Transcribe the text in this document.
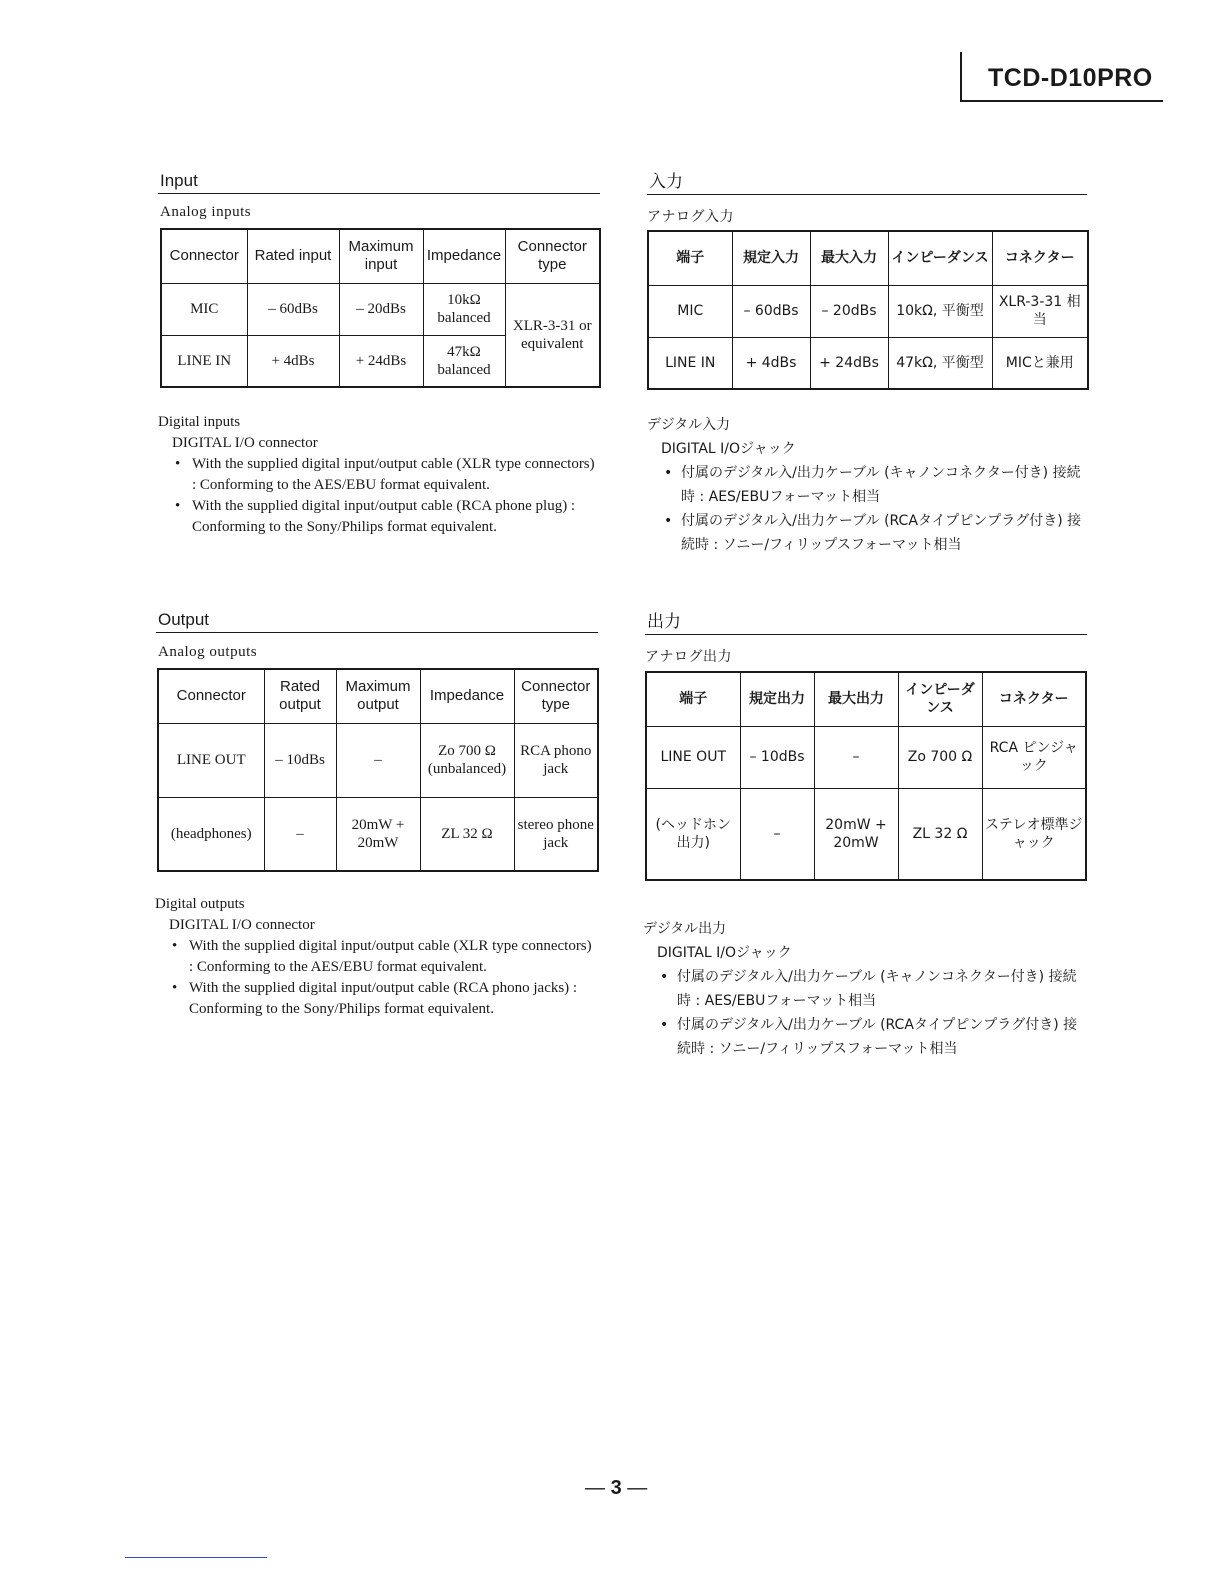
TCD-D10PRO
Input
Analog inputs
Connector	Rated input	Maximum input	Impedance	Connector type
MIC	– 60dBs	– 20dBs	10kΩ balanced	XLR-3-31 or equivalent
LINE IN	+ 4dBs	+ 24dBs	47kΩ balanced	
Digital inputs
DIGITAL I/O connector
• With the supplied digital input/output cable (XLR type connectors) : Conforming to the AES/EBU format equivalent.
• With the supplied digital input/output cable (RCA phone plug) : Conforming to the Sony/Philips format equivalent.
Output
Analog outputs
Connector	Rated output	Maximum output	Impedance	Connector type
LINE OUT	– 10dBs	–	Zo 700 Ω (unbalanced)	RCA phono jack
(headphones)	–	20mW + 20mW	ZL 32 Ω	stereo phone jack
Digital outputs
DIGITAL I/O connector
• With the supplied digital input/output cable (XLR type connectors) : Conforming to the AES/EBU format equivalent.
• With the supplied digital input/output cable (RCA phono jacks) : Conforming to the Sony/Philips format equivalent.
入力
アナログ入力
端子	規定入力	最大入力	インピーダンス	コネクター
MIC	– 60dBs	– 20dBs	10kΩ, 平衡型	XLR-3-31 相当
LINE IN	+ 4dBs	+ 24dBs	47kΩ, 平衡型	MICと兼用
デジタル入力
DIGITAL I/Oジャック
• 付属のデジタル入/出力ケーブル (キャノンコネクター付き) 接続時 : AES/EBUフォーマット相当
• 付属のデジタル入/出力ケーブル (RCAタイプピンプラグ付き) 接続時 : ソニー/フィリップスフォーマット相当
出力
アナログ出力
端子	規定出力	最大出力	インピーダンス	コネクター
LINE OUT	– 10dBs	–	Zo 700 Ω	RCA ピンジャック
(ヘッドホン出力)	–	20mW + 20mW	ZL 32 Ω	ステレオ標準ジャック
デジタル出力
DIGITAL I/Oジャック
• 付属のデジタル入/出力ケーブル (キャノンコネクター付き) 接続時 : AES/EBUフォーマット相当
• 付属のデジタル入/出力ケーブル (RCAタイプピンプラグ付き) 接続時 : ソニー/フィリップスフォーマット相当
— 3 —
